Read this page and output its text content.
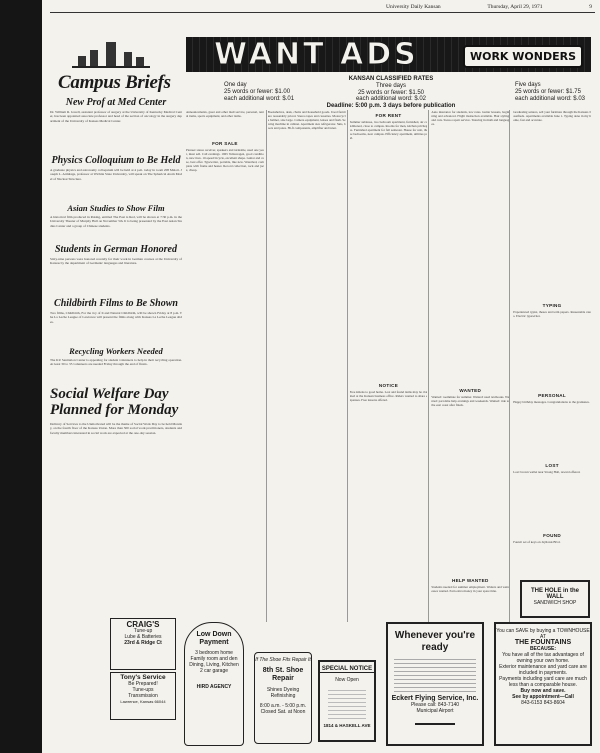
University Daily Kansan	Thursday, April 29, 1971	9
Campus Briefs
New Prof at Med Center
Dr. William R. Jewell, assistant professor of surgery at the University of Kentucky Medical Center, has been appointed associate professor and head of the section of oncology in the surgery department of the University of Kansas Medical Center.
Physics Colloquium to Be Held
A graduate physics and astronomy colloquium will be held at 4 p.m. today in room 208 Malott. Joseph L. Armitage, professor at Wichita State University, will speak on The Spherical Atom Model of Nuclear Structure.
Asian Studies to Show Film
A historical film produced in Peking, entitled The East is Red, will be shown at 7:30 p.m. in the University Theater of Murphy Hall on November 5th. It is being presented by the East Asian Studies Center and a group of Chinese students.
Students in German Honored
Sixty-nine persons were honored recently for their work in German courses at the University of Kansas by the department of Germanic languages and literature.
Childbirth Films to Be Shown
Two films, Childbirth, For the Joy of It and Natural Childbirth, will be shown Friday at 8 p.m. The La Leche League of Lawrence will present the films along with Kansas La Leche League slides.
Recycling Workers Needed
The KU Sanitation Center is appealing for student volunteers to help in their recycling operation. At least 30 to 35 volunteers are needed Friday through the end of finals.
Social Welfare Day Planned for Monday
Delivery of Services to the Unmotivated will be the theme of Social Work Day to be held Monday, on the fourth floor of the Kansas Union. More than 300 social work practitioners, students and faculty members interested in social work are expected at the one-day session.
WANT ADS	WORK WONDERS
One day
25 words or fewer: $1.00
each additional word: $.01
KANSAN CLASSIFIED RATES
Three days
25 words or fewer: $1.50
each additional word: $.02
Deadline: 5:00 p.m. 3 days before publication
Five days
25 words or fewer: $1.75
each additional word: $.03
Announcements, greet and other mail service, personal, rental items, sports equipment, and other items.
FOR SALE
Pioneer stereo receiver, speakers and turntable, used one year, must sell. Call evenings. 1965 Volkswagen, good condition, new tires. 10-speed bicycle, excellent shape. Guitar and case, best offer. Typewriter, portable, like new. Waterbed, complete with frame and heater. Record collection, rock and jazz, cheap.
Bookshelves, desk, chairs and household goods. Used furniture reasonably priced. Stereo tapes and cassettes. Motorcycle helmet, size large. Camera equipment, lenses and flash. Sewing machine in cabinet. Apartment size refrigerator. Skis, boots and poles. Hi-fi components, amplifier and tuner.
FOR RENT
Summer sublease, two bedroom apartment, furnished, air conditioned, close to campus. Rooms for men, kitchen privileges. Furnished apartment for fall semester. House for rent, three bedrooms, near campus. Efficiency apartment, utilities paid.
NOTICE
Free kittens to good home. Lost and found items may be claimed at the Kansan business office. Riders wanted to share expenses. Free lessons offered.
Auto insurance for students, low rates. Guitar lessons, beginning and advanced. Flight instruction available. Hair styling and cuts. Stereo repair service. Tutoring in math and languages.
WANTED
Wanted: roommate for summer. Wanted: used textbooks. Wanted: part-time help evenings and weekends. Wanted: ride to the east coast after finals.
HELP WANTED
Students needed for summer employment. Waiters and waitresses wanted. Earn extra money in your spare time.
Graduating seniors, sell your furniture through the Kansan classifieds. Apartments available June 1. Typing done in my home, fast and accurate.
TYPING
Experienced typist, theses and term papers. Reasonable rates. Electric typewriter.
PERSONAL
Happy birthday messages. Congratulations to the graduates.
LOST
Lost: brown wallet near Strong Hall, reward offered.
FOUND
Found: set of keys on Jayhawk Blvd.
CRAIG'S
Tune-up
Lube & Batteries
23rd & Ridge Ct
Tony's Service
Be Prepared!
Tune-ups
Transmission
Lawrence, Kansas 66044
Low Down Payment
3 bedroom home
Family room and den
Dining, Living, Kitchen
2 car garage
HIRD AGENCY
If The Shoe Fits Repair It
8th St. Shoe Repair
Shines Dyeing Refinishing
8:00 a.m. - 5:00 p.m.
Closed Sat. at Noon
SPECIAL NOTICE
Now Open
1814 & HASKELL AVE
Whenever you're ready
Eckert Flying Service, Inc.
Please call: 843-7140
Municipal Airport
You can SAVE by buying a TOWNHOUSE AT
THE FOUNTAINS
BECAUSE:
You have all of the tax advantages of owning your own home.
Exterior maintenance and yard care are included in payments.
Payments including yard care are much less than a comparable house.
Buy now and save.
See by appointment—Call
843-6153 843-8604
THE HOLE in the WALL
SANDWICH SHOP
